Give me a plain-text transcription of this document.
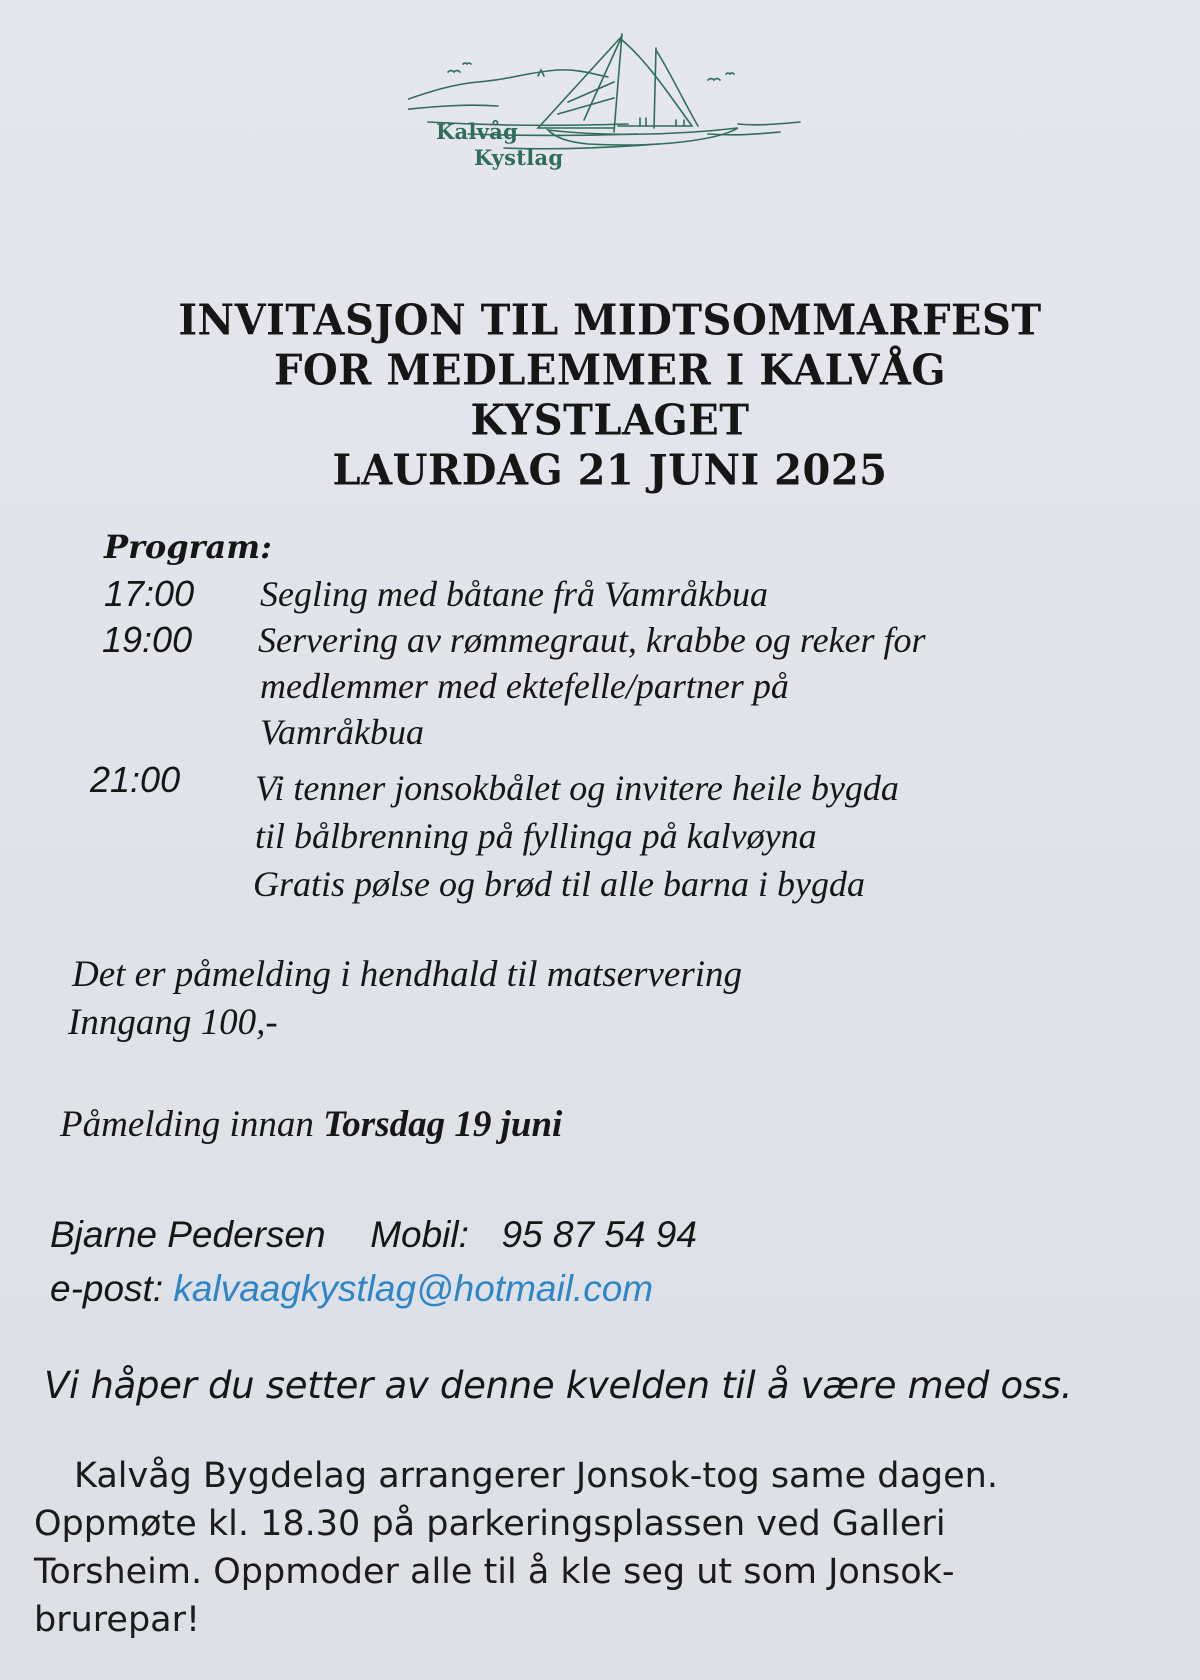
Kalvåg
Kystlag
INVITASJON TIL MIDTSOMMARFEST
FOR MEDLEMMER I KALVÅG
KYSTLAGET
LAURDAG 21 JUNI 2025
Program:
17:00 Segling med båtane frå Vamråkbua
19:00 Servering av rømmegraut, krabbe og reker for
medlemmer med ektefelle/partner på
Vamråkbua
21:00 Vi tenner jonsokbålet og invitere heile bygda
til bålbrenning på fyllinga på kalvøyna
Gratis pølse og brød til alle barna i bygda
Det er påmelding i hendhald til matservering
Inngang 100,-
Påmelding innan Torsdag 19 juni
Bjarne Pedersen Mobil: 95 87 54 94
e-post: kalvaagkystlag@hotmail.com
Vi håper du setter av denne kvelden til å være med oss.
Kalvåg Bygdelag arrangerer Jonsok-tog same dagen.
Oppmøte kl. 18.30 på parkeringsplassen ved Galleri
Torsheim. Oppmoder alle til å kle seg ut som Jonsok-
brurepar!
